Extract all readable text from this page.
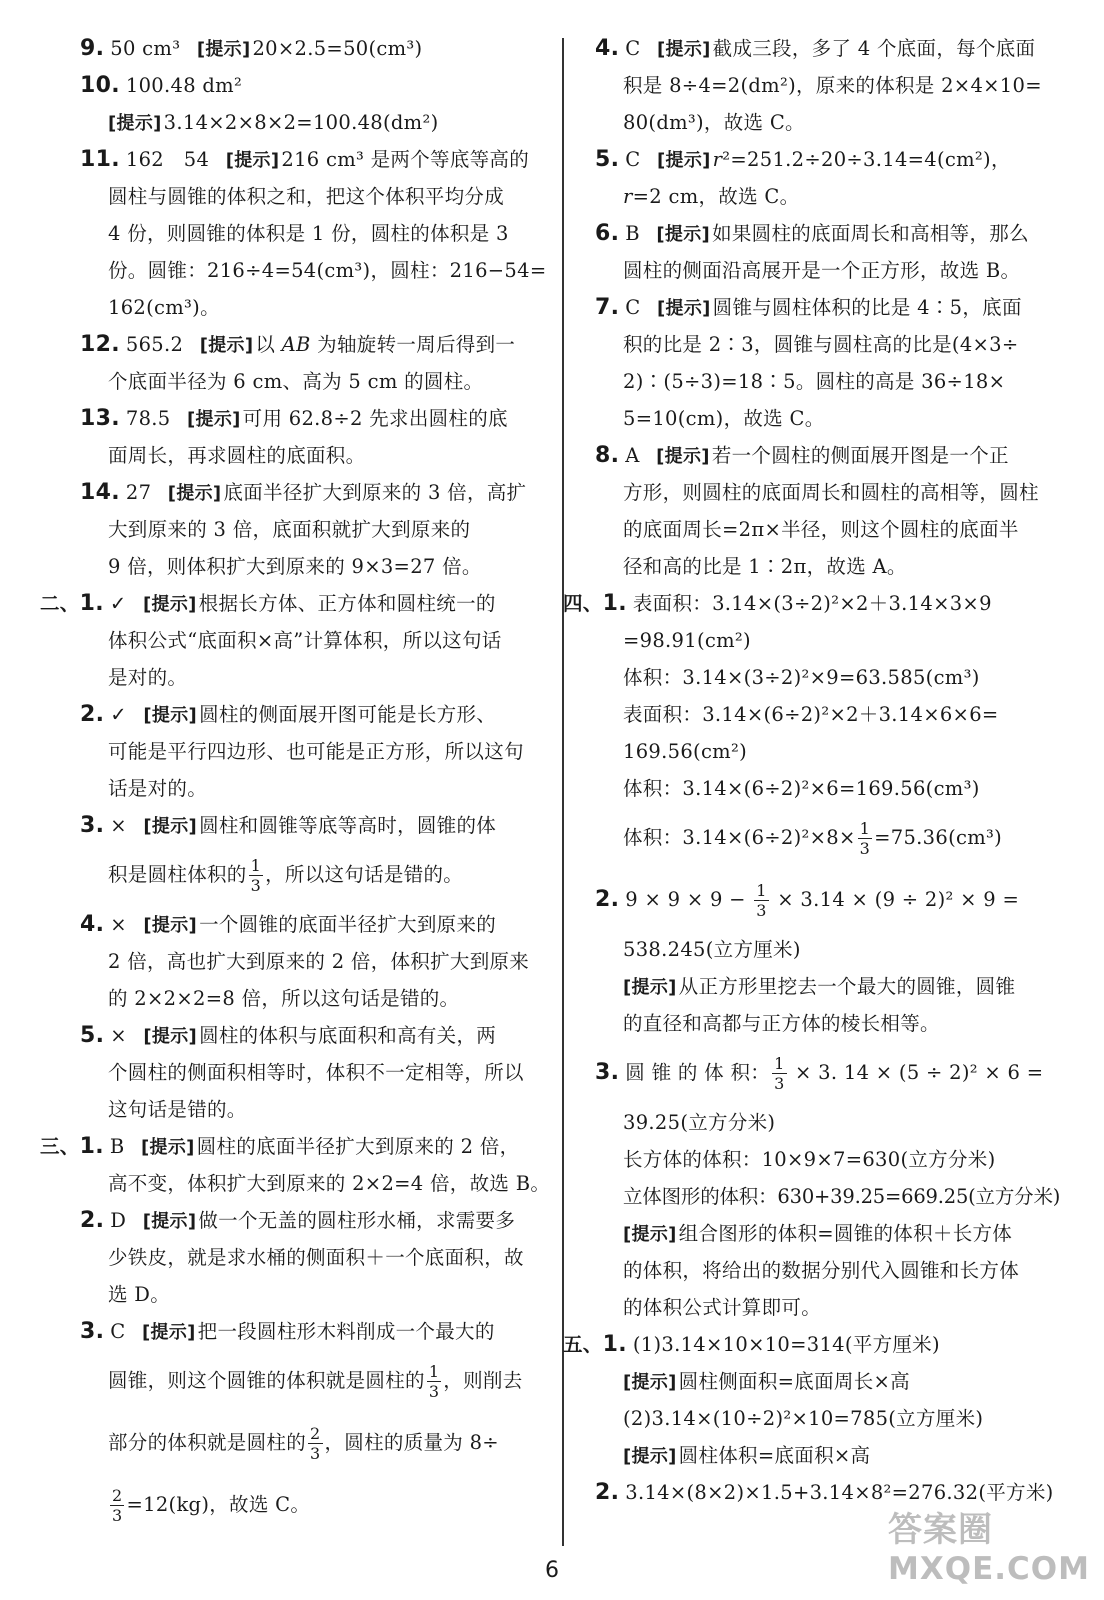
9. 50 cm³ [提示] 20×2.5=50(cm³)
10. 100.48 dm²
[提示] 3.14×2×8×2=100.48(dm²)
11. 162　54 [提示] 216 cm³ 是两个等底等高的
圆柱与圆锥的体积之和，把这个体积平均分成
4 份，则圆锥的体积是 1 份，圆柱的体积是 3
份。圆锥：216÷4=54(cm³)，圆柱：216−54=
162(cm³)。
12. 565.2 [提示] 以 AB 为轴旋转一周后得到一
个底面半径为 6 cm、高为 5 cm 的圆柱。
13. 78.5 [提示] 可用 62.8÷2 先求出圆柱的底
面周长，再求圆柱的底面积。
14. 27 [提示] 底面半径扩大到原来的 3 倍，高扩
大到原来的 3 倍，底面积就扩大到原来的
9 倍，则体积扩大到原来的 9×3=27 倍。
二、1. ✓ [提示] 根据长方体、正方体和圆柱统一的
体积公式“底面积×高”计算体积，所以这句话
是对的。
2. ✓ [提示] 圆柱的侧面展开图可能是长方形、
可能是平行四边形、也可能是正方形，所以这句
话是对的。
3. × [提示] 圆柱和圆锥等底等高时，圆锥的体
积是圆柱体积的 $\frac{1}{3}$ ，所以这句话是错的。
4. × [提示] 一个圆锥的底面半径扩大到原来的
2 倍，高也扩大到原来的 2 倍，体积扩大到原来
的 2×2×2=8 倍，所以这句话是错的。
5. × [提示] 圆柱的体积与底面积和高有关，两
个圆柱的侧面积相等时，体积不一定相等，所以
这句话是错的。
三、1. B [提示] 圆柱的底面半径扩大到原来的 2 倍，
高不变，体积扩大到原来的 2×2=4 倍，故选 B。
2. D [提示] 做一个无盖的圆柱形水桶，求需要多
少铁皮，就是求水桶的侧面积＋一个底面积，故
选 D。
3. C [提示] 把一段圆柱形木料削成一个最大的
圆锥，则这个圆锥的体积就是圆柱的 $\frac{1}{3}$ ，则削去
部分的体积就是圆柱的 $\frac{2}{3}$ ，圆柱的质量为 8÷
$\frac{2}{3} =12(kg)$，故选 C。
4. C [提示] 截成三段，多了 4 个底面，每个底面
积是 8÷4=2(dm²)，原来的体积是 2×4×10=
80(dm³)，故选 C。
5. C [提示] r²=251.2÷20÷3.14=4(cm²)，
r=2 cm，故选 C。
6. B [提示] 如果圆柱的底面周长和高相等，那么
圆柱的侧面沿高展开是一个正方形，故选 B。
7. C [提示] 圆锥与圆柱体积的比是 4∶5，底面
积的比是 2∶3，圆锥与圆柱高的比是(4×3÷
2)∶(5÷3)=18∶5。圆柱的高是 36÷18×
5=10(cm)，故选 C。
8. A [提示] 若一个圆柱的侧面展开图是一个正
方形，则圆柱的底面周长和圆柱的高相等，圆柱
的底面周长=2π×半径，则这个圆柱的底面半
径和高的比是 1∶2π，故选 A。
四、1. 表面积：3.14×(3÷2)²×2＋3.14×3×9
=98.91(cm²)
体积：3.14×(3÷2)²×9=63.585(cm³)
表面积：3.14×(6÷2)²×2＋3.14×6×6=
169.56(cm²)
体积：3.14×(6÷2)²×6=169.56(cm³)
体积：$3.14\times(6\div 2)^2\times 8\times \frac{1}{3} =75.36(cm^3)$
2. $9 \times 9 \times 9 - \frac{1}{3} \times 3.14 \times (9 \div 2)^2 \times 9$ =
538.245(立方厘米)
[提示] 从正方形里挖去一个最大的圆锥，圆锥
的直径和高都与正方体的棱长相等。
3. 圆 锥 的 体 积： $\frac{1}{3} \times 3$. 14 × (5 ÷ 2)² × 6 =
39.25(立方分米)
长方体的体积：10×9×7=630(立方分米)
立体图形的体积：630+39.25=669.25(立方分米)
[提示] 组合图形的体积=圆锥的体积＋长方体
的体积，将给出的数据分别代入圆锥和长方体
的体积公式计算即可。
五、1. (1)3.14×10×10=314(平方厘米)
[提示] 圆柱侧面积=底面周长×高
(2)3.14×(10÷2)²×10=785(立方厘米)
[提示] 圆柱体积=底面积×高
2. 3.14×(8×2)×1.5+3.14×8²=276.32(平方米)
6
答案圈
MXQE.COM
